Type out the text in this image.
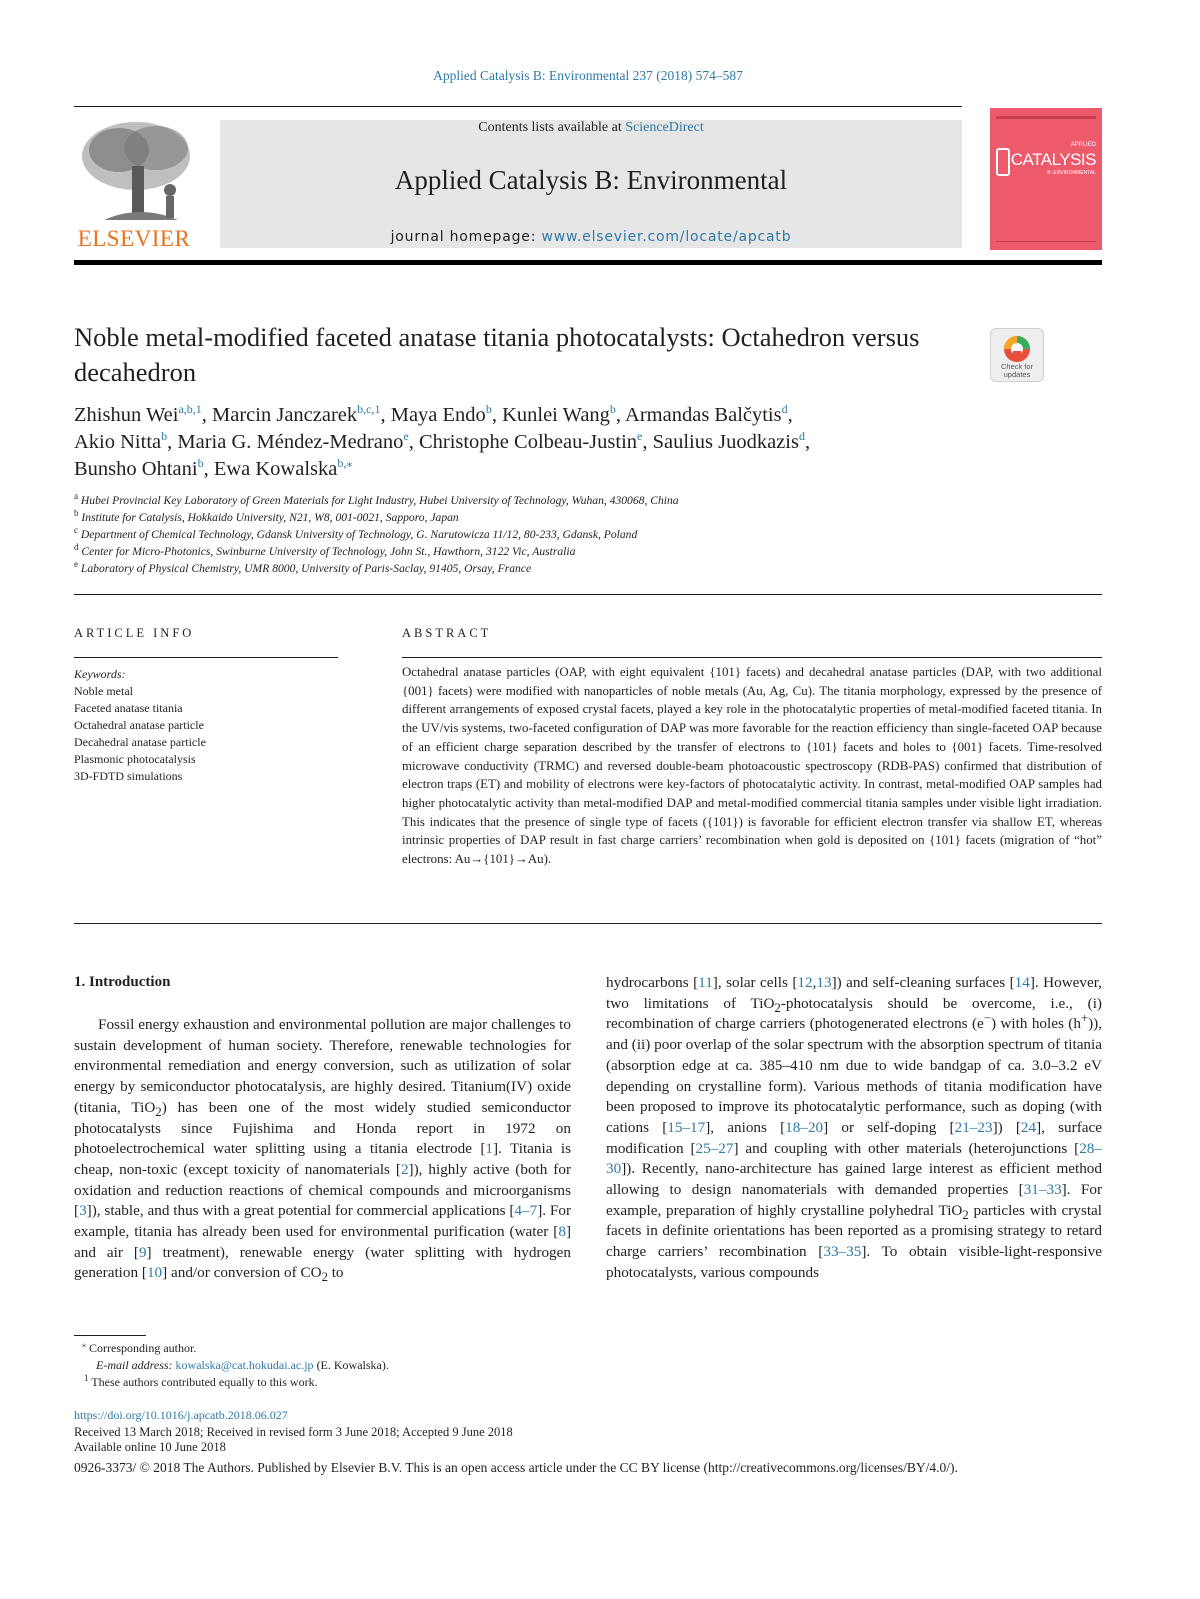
Applied Catalysis B: Environmental 237 (2018) 574–587
ELSEVIER
Contents lists available at ScienceDirect
Applied Catalysis B: Environmental
journal homepage: www.elsevier.com/locate/apcatb
APPLIED
CATALYSIS
B: ENVIRONMENTAL
Noble metal-modified faceted anatase titania photocatalysts: Octahedron versus decahedron	Check for updates
Zhishun Wei$^{a,b,1}$, Marcin Janczarek$^{b,c,1}$, Maya Endo$^b$, Kunlei Wang$^b$, Armandas Balčytis$^d$,
Akio Nitta$^b$, Maria G. Méndez-Medrano$^e$, Christophe Colbeau-Justin$^e$, Saulius Juodkazis$^d$,
Bunsho Ohtani$^b$, Ewa Kowalska$^{b,⁎}$
$^a$ Hubei Provincial Key Laboratory of Green Materials for Light Industry, Hubei University of Technology, Wuhan, 430068, China
$^b$ Institute for Catalysis, Hokkaido University, N21, W8, 001-0021, Sapporo, Japan
$^c$ Department of Chemical Technology, Gdansk University of Technology, G. Narutowicza 11/12, 80-233, Gdansk, Poland
$^d$ Center for Micro-Photonics, Swinburne University of Technology, John St., Hawthorn, 3122 Vic, Australia
$^e$ Laboratory of Physical Chemistry, UMR 8000, University of Paris-Saclay, 91405, Orsay, France
ARTICLE INFO	ABSTRACT
Keywords:
Noble metal
Faceted anatase titania
Octahedral anatase particle
Decahedral anatase particle
Plasmonic photocatalysis
3D-FDTD simulations
Octahedral anatase particles (OAP, with eight equivalent {101} facets) and decahedral anatase particles (DAP, with two additional {001} facets) were modified with nanoparticles of noble metals (Au, Ag, Cu). The titania morphology, expressed by the presence of different arrangements of exposed crystal facets, played a key role in the photocatalytic properties of metal-modified faceted titania. In the UV/vis systems, two-faceted configuration of DAP was more favorable for the reaction efficiency than single-faceted OAP because of an efficient charge separation described by the transfer of electrons to {101} facets and holes to {001} facets. Time-resolved microwave conductivity (TRMC) and reversed double-beam photoacoustic spectroscopy (RDB-PAS) confirmed that distribution of electron traps (ET) and mobility of electrons were key-factors of photocatalytic activity. In contrast, metal-modified OAP samples had higher photocatalytic activity than metal-modified DAP and metal-modified commercial titania samples under visible light irradiation. This indicates that the presence of single type of facets ({101}) is favorable for efficient electron transfer via shallow ET, whereas intrinsic properties of DAP result in fast charge carriers’ recombination when gold is deposited on {101} facets (migration of “hot” electrons: Au→{101}→Au).
1. Introduction
Fossil energy exhaustion and environmental pollution are major challenges to sustain development of human society. Therefore, renewable technologies for environmental remediation and energy conversion, such as utilization of solar energy by semiconductor photocatalysis, are highly desired. Titanium(IV) oxide (titania, TiO$_2$) has been one of the most widely studied semiconductor photocatalysts since Fujishima and Honda report in 1972 on photoelectrochemical water splitting using a titania electrode [1]. Titania is cheap, non-toxic (except toxicity of nanomaterials [2]), highly active (both for oxidation and reduction reactions of chemical compounds and microorganisms [3]), stable, and thus with a great potential for commercial applications [4–7]. For example, titania has already been used for environmental purification (water [8] and air [9] treatment), renewable energy (water splitting with hydrogen generation [10] and/or conversion of $CO_2$ to
hydrocarbons [11], solar cells [12,13]) and self-cleaning surfaces [14]. However, two limitations of TiO$_2$-photocatalysis should be overcome, i.e., (i) recombination of charge carriers (photogenerated electrons (e−) with holes (h+)), and (ii) poor overlap of the solar spectrum with the absorption spectrum of titania (absorption edge at ca. 385–410 nm due to wide bandgap of ca. 3.0–3.2 eV depending on crystalline form). Various methods of titania modification have been proposed to improve its photocatalytic performance, such as doping (with cations [15–17], anions [18–20] or self-doping [21–23]) [24], surface modification [25–27] and coupling with other materials (heterojunctions [28–30]). Recently, nano-architecture has gained large interest as efficient method allowing to design nanomaterials with demanded properties [31–33]. For example, preparation of highly crystalline polyhedral TiO$_2$ particles with crystal facets in definite orientations has been reported as a promising strategy to retard charge carriers’ recombination [33–35]. To obtain visible-light-responsive photocatalysts, various compounds
⁎ Corresponding author.
E-mail address: kowalska@cat.hokudai.ac.jp (E. Kowalska).
$^1$ These authors contributed equally to this work.
https://doi.org/10.1016/j.apcatb.2018.06.027
Received 13 March 2018; Received in revised form 3 June 2018; Accepted 9 June 2018
Available online 10 June 2018
0926-3373/ © 2018 The Authors. Published by Elsevier B.V. This is an open access article under the CC BY license (http://creativecommons.org/licenses/BY/4.0/).
